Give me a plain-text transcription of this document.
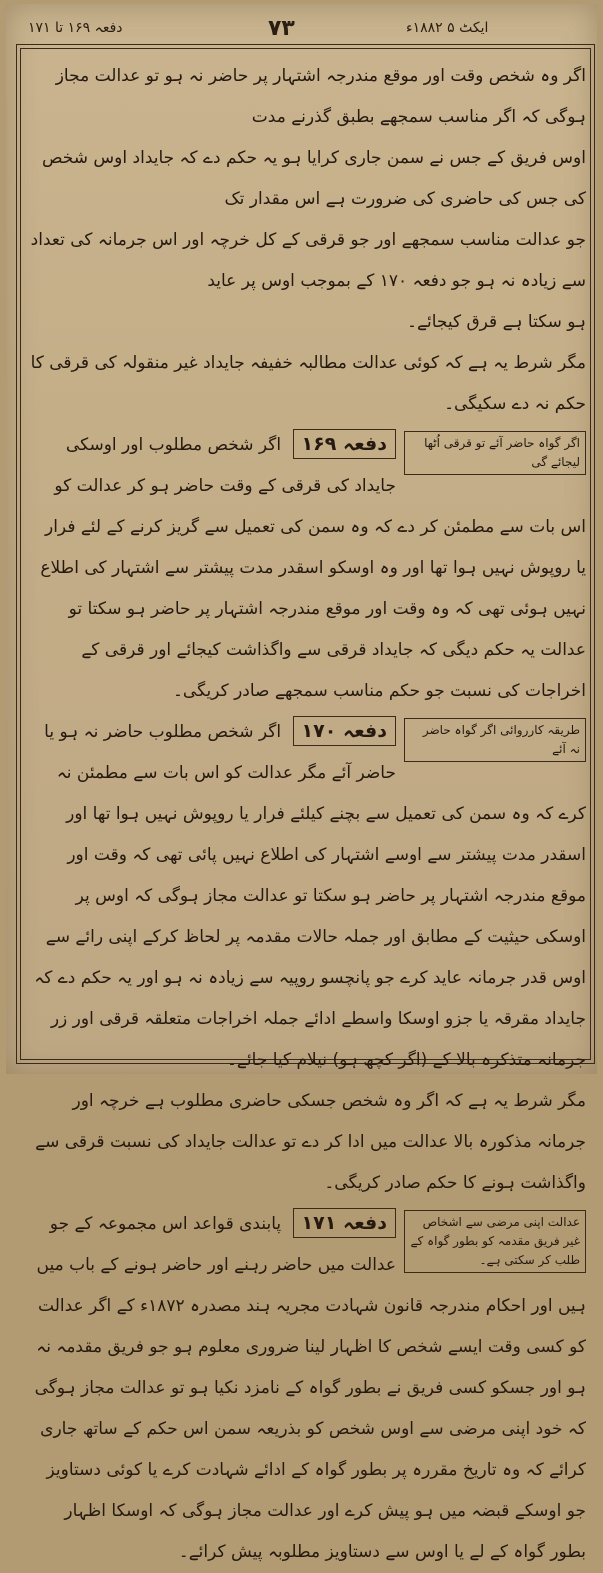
دفعہ ۱۶۹ تا ۱۷۱	۷۳	ایکٹ ۵ ۱۸۸۲ء

اگر وہ شخص وقت اور موقع مندرجہ اشتہار پر حاضر نہ ہو تو عدالت مجاز ہوگی کہ اگر مناسب سمجھے بطبق گذرنے مدت

اوس فریق کے جس نے سمن جاری کرایا ہو یہ حکم دے کہ جایداد اوس شخص کی جس کی حاضری کی ضرورت ہے اس مقدار تک

جو عدالت مناسب سمجھے اور جو قرقی کے کل خرچہ اور اس جرمانہ کی تعداد سے زیادہ نہ ہو جو دفعہ ۱۷۰ کے بموجب اوس پر عاید

ہو سکتا ہے قرق کیجائے۔

مگر شرط یہ ہے کہ کوئی عدالت مطالبہ خفیفہ جایداد غیر منقولہ کی قرقی کا حکم نہ دے سکیگی۔

اگر گواہ حاضر آئے تو قرقی اُٹھا لیجائے گی
دفعہ ۱۶۹ اگر شخص مطلوب اور اوسکی جایداد کی قرقی کے وقت حاضر ہو کر عدالت کو اس بات سے مطمئن کر دے کہ وہ سمن کی تعمیل سے گریز کرنے کے لئے فرار یا روپوش نہیں ہوا تھا اور وہ اوسکو اسقدر مدت پیشتر سے اشتہار کی اطلاع نہیں ہوئی تھی کہ وہ وقت اور موقع مندرجہ اشتہار پر حاضر ہو سکتا تو عدالت یہ حکم دیگی کہ جایداد قرقی سے واگذاشت کیجائے اور قرقی کے اخراجات کی نسبت جو حکم مناسب سمجھے صادر کریگی۔
طریقہ کارروائی اگر گواہ حاضر نہ آئے
دفعہ ۱۷۰ اگر شخص مطلوب حاضر نہ ہو یا حاضر آئے مگر عدالت کو اس بات سے مطمئن نہ کرے کہ وہ سمن کی تعمیل سے بچنے کیلئے فرار یا روپوش نہیں ہوا تھا اور اسقدر مدت پیشتر سے اوسے اشتہار کی اطلاع نہیں پائی تھی کہ وقت اور موقع مندرجہ اشتہار پر حاضر ہو سکتا تو عدالت مجاز ہوگی کہ اوس پر اوسکی حیثیت کے مطابق اور جملہ حالات مقدمہ پر لحاظ کرکے اپنی رائے سے اوس قدر جرمانہ عاید کرے جو پانچسو روپیہ سے زیادہ نہ ہو اور یہ حکم دے کہ جایداد مقرقہ یا جزو اوسکا واسطے ادائے جملہ اخراجات متعلقہ قرقی اور زر جرمانہ متذکرہ بالا کے (اگر کچھ ہو) نیلام کیا جائے۔

مگر شرط یہ ہے کہ اگر وہ شخص جسکی حاضری مطلوب ہے خرچہ اور جرمانہ مذکورہ بالا عدالت میں ادا کر دے تو عدالت جایداد کی نسبت قرقی سے واگذاشت ہونے کا حکم صادر کریگی۔

عدالت اپنی مرضی سے اشخاص غیر فریق مقدمہ کو بطور گواہ کے طلب کر سکتی ہے۔
دفعہ ۱۷۱ پابندی قواعد اس مجموعہ کے جو عدالت میں حاضر رہنے اور حاضر ہونے کے باب میں ہیں اور احکام مندرجہ قانون شہادت مجریہ ہند مصدرہ ۱۸۷۲ء کے اگر عدالت کو کسی وقت ایسے شخص کا اظہار لینا ضروری معلوم ہو جو فریق مقدمہ نہ ہو اور جسکو کسی فریق نے بطور گواہ کے نامزد نکیا ہو تو عدالت مجاز ہوگی کہ خود اپنی مرضی سے اوس شخص کو بذریعہ سمن اس حکم کے ساتھ جاری کرائے کہ وہ تاریخ مقررہ پر بطور گواہ کے ادائے شہادت کرے یا کوئی دستاویز جو اوسکے قبضہ میں ہو پیش کرے اور عدالت مجاز ہوگی کہ اوسکا اظہار بطور گواہ کے لے یا اوس سے دستاویز مطلوبہ پیش کرائے۔
